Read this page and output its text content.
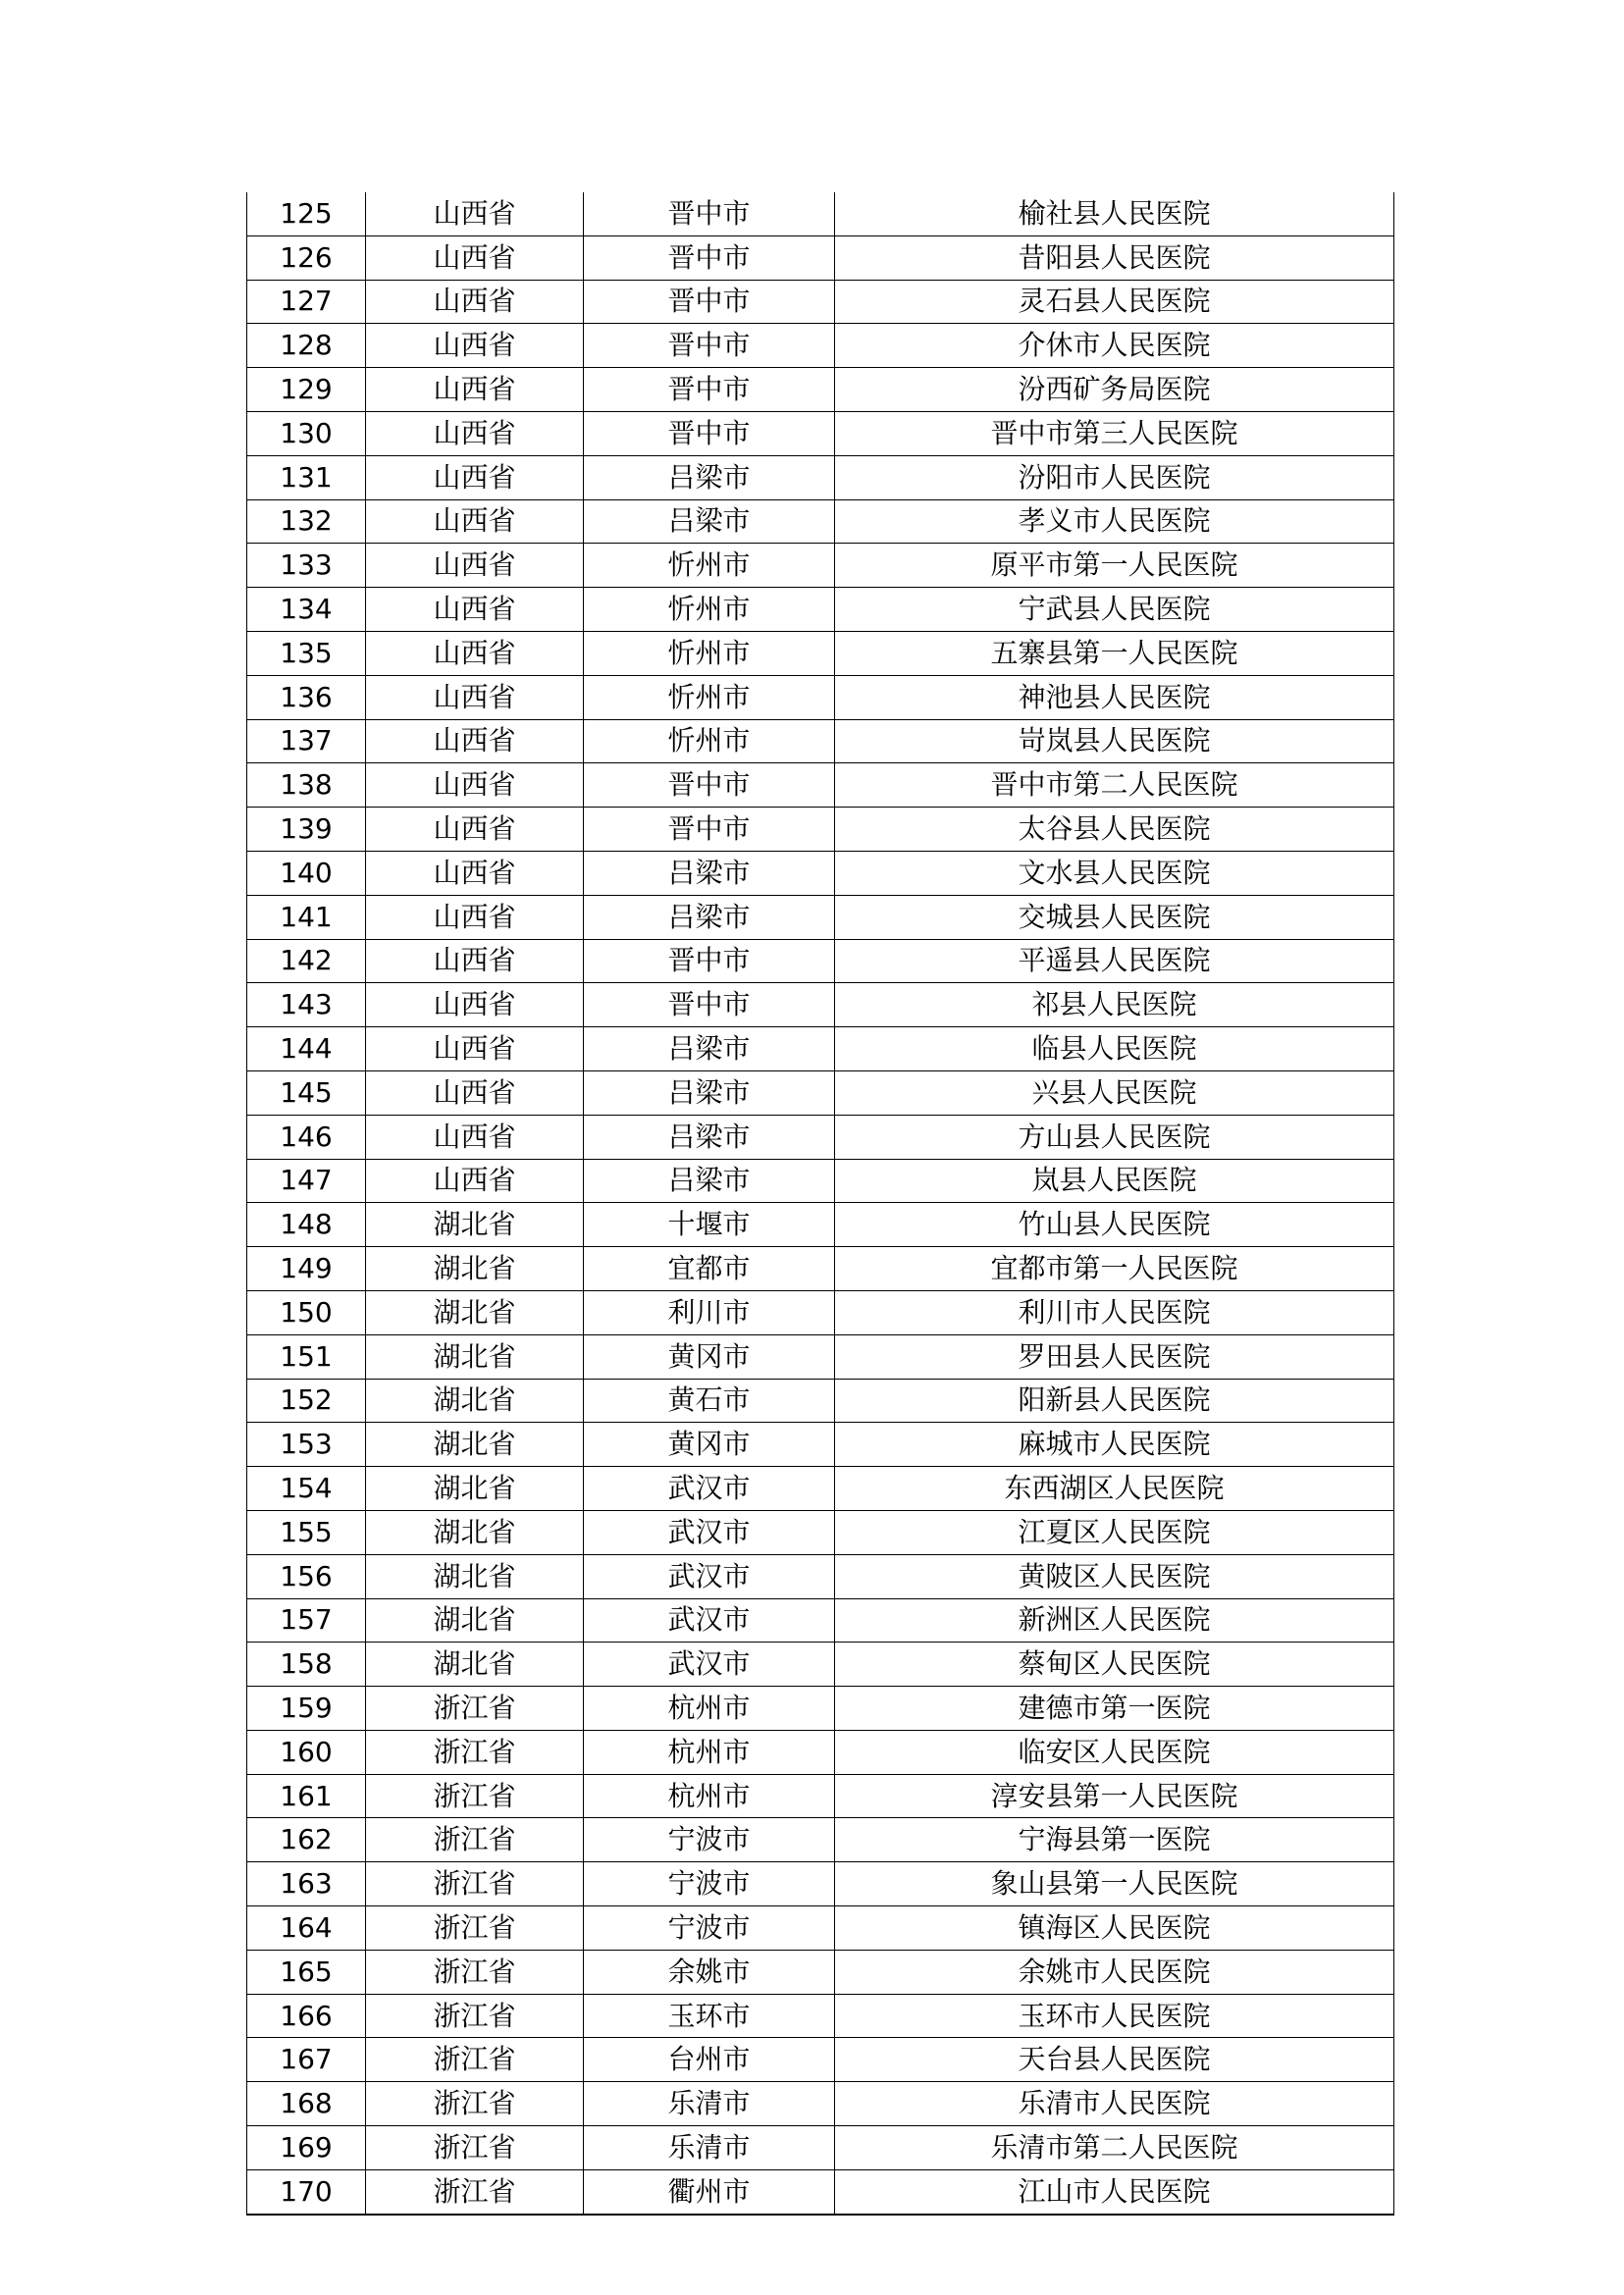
125	山西省	晋中市	榆社县人民医院
126	山西省	晋中市	昔阳县人民医院
127	山西省	晋中市	灵石县人民医院
128	山西省	晋中市	介休市人民医院
129	山西省	晋中市	汾西矿务局医院
130	山西省	晋中市	晋中市第三人民医院
131	山西省	吕梁市	汾阳市人民医院
132	山西省	吕梁市	孝义市人民医院
133	山西省	忻州市	原平市第一人民医院
134	山西省	忻州市	宁武县人民医院
135	山西省	忻州市	五寨县第一人民医院
136	山西省	忻州市	神池县人民医院
137	山西省	忻州市	岢岚县人民医院
138	山西省	晋中市	晋中市第二人民医院
139	山西省	晋中市	太谷县人民医院
140	山西省	吕梁市	文水县人民医院
141	山西省	吕梁市	交城县人民医院
142	山西省	晋中市	平遥县人民医院
143	山西省	晋中市	祁县人民医院
144	山西省	吕梁市	临县人民医院
145	山西省	吕梁市	兴县人民医院
146	山西省	吕梁市	方山县人民医院
147	山西省	吕梁市	岚县人民医院
148	湖北省	十堰市	竹山县人民医院
149	湖北省	宜都市	宜都市第一人民医院
150	湖北省	利川市	利川市人民医院
151	湖北省	黄冈市	罗田县人民医院
152	湖北省	黄石市	阳新县人民医院
153	湖北省	黄冈市	麻城市人民医院
154	湖北省	武汉市	东西湖区人民医院
155	湖北省	武汉市	江夏区人民医院
156	湖北省	武汉市	黄陂区人民医院
157	湖北省	武汉市	新洲区人民医院
158	湖北省	武汉市	蔡甸区人民医院
159	浙江省	杭州市	建德市第一医院
160	浙江省	杭州市	临安区人民医院
161	浙江省	杭州市	淳安县第一人民医院
162	浙江省	宁波市	宁海县第一医院
163	浙江省	宁波市	象山县第一人民医院
164	浙江省	宁波市	镇海区人民医院
165	浙江省	余姚市	余姚市人民医院
166	浙江省	玉环市	玉环市人民医院
167	浙江省	台州市	天台县人民医院
168	浙江省	乐清市	乐清市人民医院
169	浙江省	乐清市	乐清市第二人民医院
170	浙江省	衢州市	江山市人民医院
